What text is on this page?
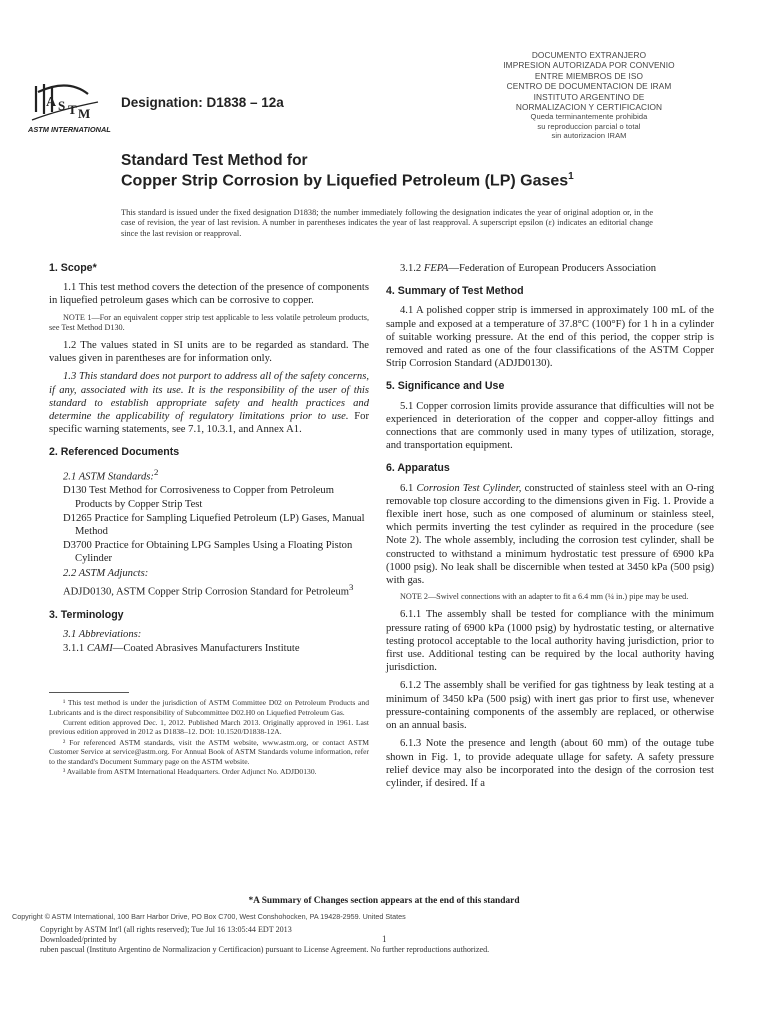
A S T M
ASTM INTERNATIONAL
Designation: D1838 – 12a
DOCUMENTO EXTRANJERO
IMPRESION AUTORIZADA POR CONVENIO
ENTRE MIEMBROS DE ISO
CENTRO DE DOCUMENTACION DE IRAM
INSTITUTO ARGENTINO DE
NORMALIZACION Y CERTIFICACION
Queda terminantemente prohibida
su reproduccion parcial o total
sin autorizacion IRAM
Standard Test Method for
Copper Strip Corrosion by Liquefied Petroleum (LP) Gases$^1$
This standard is issued under the fixed designation D1838; the number immediately following the designation indicates the year of original adoption or, in the case of revision, the year of last revision. A number in parentheses indicates the year of last reapproval. A superscript epsilon (ε) indicates an editorial change since the last revision or reapproval.
1. Scope*

1.1 This test method covers the detection of the presence of components in liquefied petroleum gases which can be corrosive to copper.

NOTE 1—For an equivalent copper strip test applicable to less volatile petroleum products, see Test Method D130.

1.2 The values stated in SI units are to be regarded as standard. The values given in parentheses are for information only.

1.3 This standard does not purport to address all of the safety concerns, if any, associated with its use. It is the responsibility of the user of this standard to establish appropriate safety and health practices and determine the applicability of regulatory limitations prior to use. For specific warning statements, see 7.1, 10.3.1, and Annex A1.

2. Referenced Documents

2.1 ASTM Standards:$^2$

D130 Test Method for Corrosiveness to Copper from Petroleum Products by Copper Strip Test

D1265 Practice for Sampling Liquefied Petroleum (LP) Gases, Manual Method

D3700 Practice for Obtaining LPG Samples Using a Floating Piston Cylinder

2.2 ASTM Adjuncts:

ADJD0130, ASTM Copper Strip Corrosion Standard for Petroleum$^3$

3. Terminology

3.1 Abbreviations:

3.1.1 CAMI—Coated Abrasives Manufacturers Institute

¹ This test method is under the jurisdiction of ASTM Committee D02 on Petroleum Products and Lubricants and is the direct responsibility of Subcommittee D02.H0 on Liquefied Petroleum Gas.
Current edition approved Dec. 1, 2012. Published March 2013. Originally approved in 1961. Last previous edition approved in 2012 as D1838–12. DOI: 10.1520/D1838-12A.
² For referenced ASTM standards, visit the ASTM website, www.astm.org, or contact ASTM Customer Service at service@astm.org. For Annual Book of ASTM Standards volume information, refer to the standard's Document Summary page on the ASTM website.
³ Available from ASTM International Headquarters. Order Adjunct No. ADJD0130.

3.1.2 FEPA—Federation of European Producers Association

4. Summary of Test Method

4.1 A polished copper strip is immersed in approximately 100 mL of the sample and exposed at a temperature of 37.8°C (100°F) for 1 h in a cylinder of suitable working pressure. At the end of this period, the copper strip is removed and rated as one of the four classifications of the ASTM Copper Strip Corrosion Standard (ADJD0130).

5. Significance and Use

5.1 Copper corrosion limits provide assurance that difficulties will not be experienced in deterioration of the copper and copper-alloy fittings and connections that are commonly used in many types of utilization, storage, and transportation equipment.

6. Apparatus

6.1 Corrosion Test Cylinder, constructed of stainless steel with an O-ring removable top closure according to the dimensions given in Fig. 1. Provide a flexible inert hose, such as one composed of aluminum or stainless steel, which permits inverting the test cylinder as required in the procedure (see Note 2). The whole assembly, including the corrosion test cylinder, shall be constructed to withstand a minimum hydrostatic test pressure of 6900 kPa (1000 psig). No leak shall be discernible when tested at 3450 kPa (500 psig) with gas.

NOTE 2—Swivel connections with an adapter to fit a 6.4 mm (¼ in.) pipe may be used.

6.1.1 The assembly shall be tested for compliance with the minimum pressure rating of 6900 kPa (1000 psig) by hydrostatic testing, or alternative testing protocol acceptable to the local authority having jurisdiction, prior to first use. Additional testing can be required by the local authority having jurisdiction.

6.1.2 The assembly shall be verified for gas tightness by leak testing at a minimum of 3450 kPa (500 psig) with inert gas prior to first use, whenever pressure-containing components of the assembly are replaced, or otherwise on an annual basis.

6.1.3 Note the presence and length (about 60 mm) of the outage tube shown in Fig. 1, to provide adequate ullage for safety. A safety pressure relief device may also be incorporated into the design of the corrosion test cylinder, if desired. If a

*A Summary of Changes section appears at the end of this standard
Copyright © ASTM International, 100 Barr Harbor Drive, PO Box C700, West Conshohocken, PA 19428-2959. United States
Copyright by ASTM Int'l (all rights reserved); Tue Jul 16 13:05:44 EDT 2013
Downloaded/printed by
ruben pascual (Instituto Argentino de Normalizacion y Certificacion) pursuant to License Agreement. No further reproductions authorized.
1
